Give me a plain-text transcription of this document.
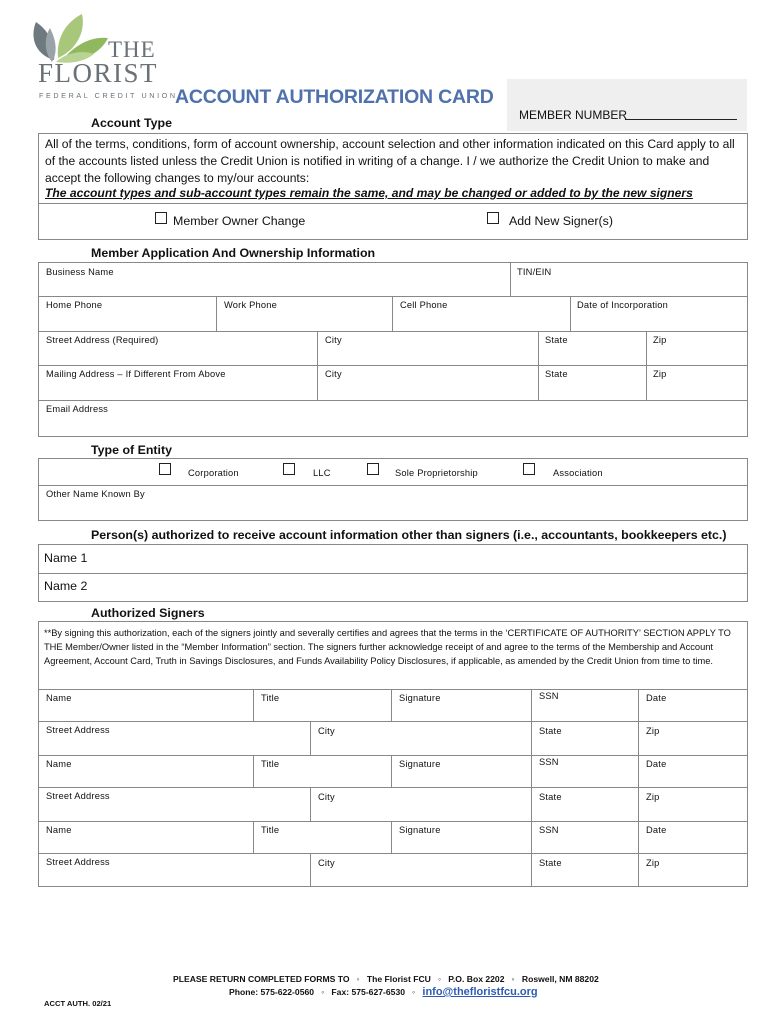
THE
FLORIST
FEDERAL CREDIT UNION
ACCOUNT AUTHORIZATION CARD
MEMBER NUMBER
Account Type
All of the terms, conditions, form of account ownership, account selection and other information indicated on this Card apply to all of the accounts listed unless the Credit Union is notified in writing of a change. I / we authorize the Credit Union to make and accept the following changes to my/our accounts:
The account types and sub-account types remain the same, and may be changed or added to by the new signers
Member Owner Change	Add New Signer(s)
Member Application And Ownership Information
Business Name	TIN/EIN
Home Phone	Work Phone	Cell Phone	Date of Incorporation
Street Address (Required)	City	State	Zip
Mailing Address – If Different From Above	City	State	Zip
Email Address
Type of Entity
Corporation	LLC	Sole Proprietorship	Association
Other Name Known By
Person(s) authorized to receive account information other than signers (i.e., accountants, bookkeepers etc.)
Name 1
Name 2
Authorized Signers
**By signing this authorization, each of the signers jointly and severally certifies and agrees that the terms in the ‘CERTIFICATE OF AUTHORITY’ SECTION APPLY TO THE Member/Owner listed in the “Member Information” section. The signers further acknowledge receipt of and agree to the terms of the Membership and Account Agreement, Account Card, Truth in Savings Disclosures, and Funds Availability Policy Disclosures, if applicable, as amended by the Credit Union from time to time.
Name	Title	Signature	SSN	Date
Street Address	City	State	Zip
Name	Title	Signature	SSN	Date
Street Address	City	State	Zip
Name	Title	Signature	SSN	Date
Street Address	City	State	Zip
PLEASE RETURN COMPLETED FORMS TO   ◦   The Florist FCU   ◦   P.O. Box 2202   ◦   Roswell, NM 88202
Phone: 575-622-0560   ◦   Fax: 575-627-6530   ◦   info@thefloristfcu.org
ACCT AUTH. 02/21
